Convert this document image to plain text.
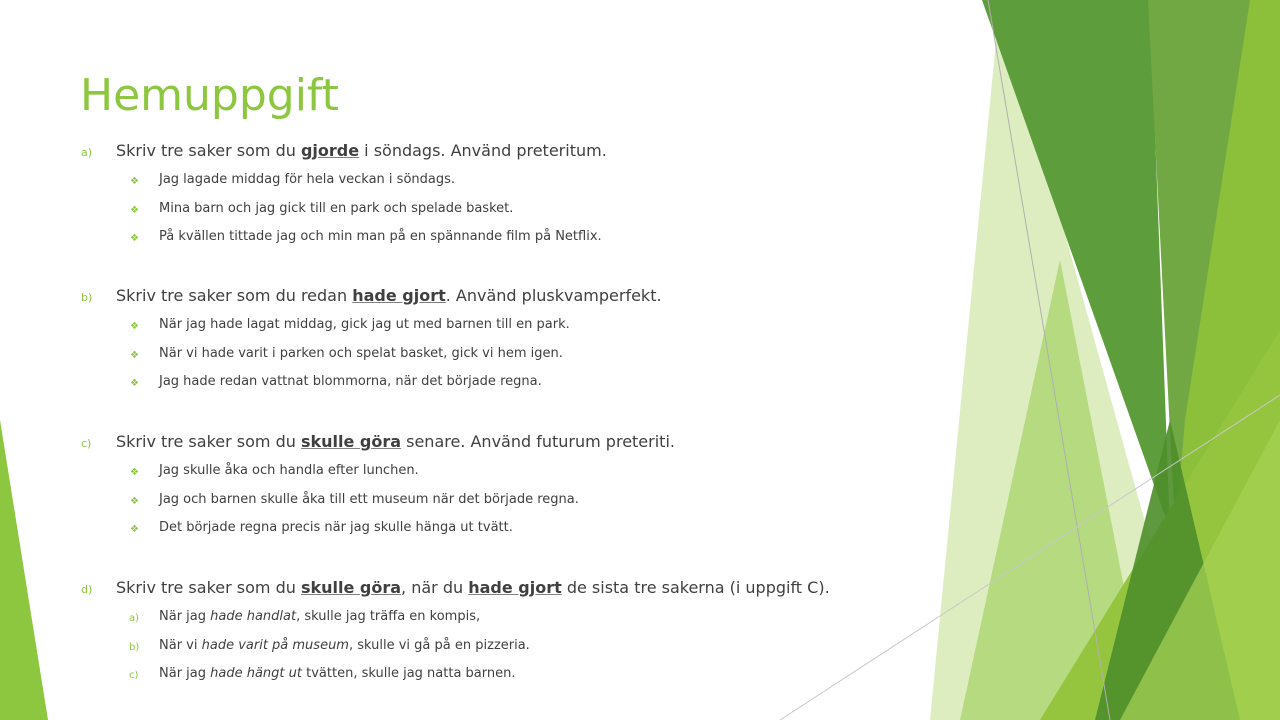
Hemuppgift
a) Skriv tre saker som du gjorde i söndags. Använd preteritum.
❖ Jag lagade middag för hela veckan i söndags.
❖ Mina barn och jag gick till en park och spelade basket.
❖ På kvällen tittade jag och min man på en spännande film på Netflix.
b) Skriv tre saker som du redan hade gjort. Använd pluskvamperfekt.
❖ När jag hade lagat middag, gick jag ut med barnen till en park.
❖ När vi hade varit i parken och spelat basket, gick vi hem igen.
❖ Jag hade redan vattnat blommorna, när det började regna.
c) Skriv tre saker som du skulle göra senare. Använd futurum preteriti.
❖ Jag skulle åka och handla efter lunchen.
❖ Jag och barnen skulle åka till ett museum när det började regna.
❖ Det började regna precis när jag skulle hänga ut tvätt.
d) Skriv tre saker som du skulle göra, när du hade gjort de sista tre sakerna (i uppgift C).
a) När jag hade handlat, skulle jag träffa en kompis,
b) När vi hade varit på museum, skulle vi gå på en pizzeria.
c) När jag hade hängt ut tvätten, skulle jag natta barnen.
